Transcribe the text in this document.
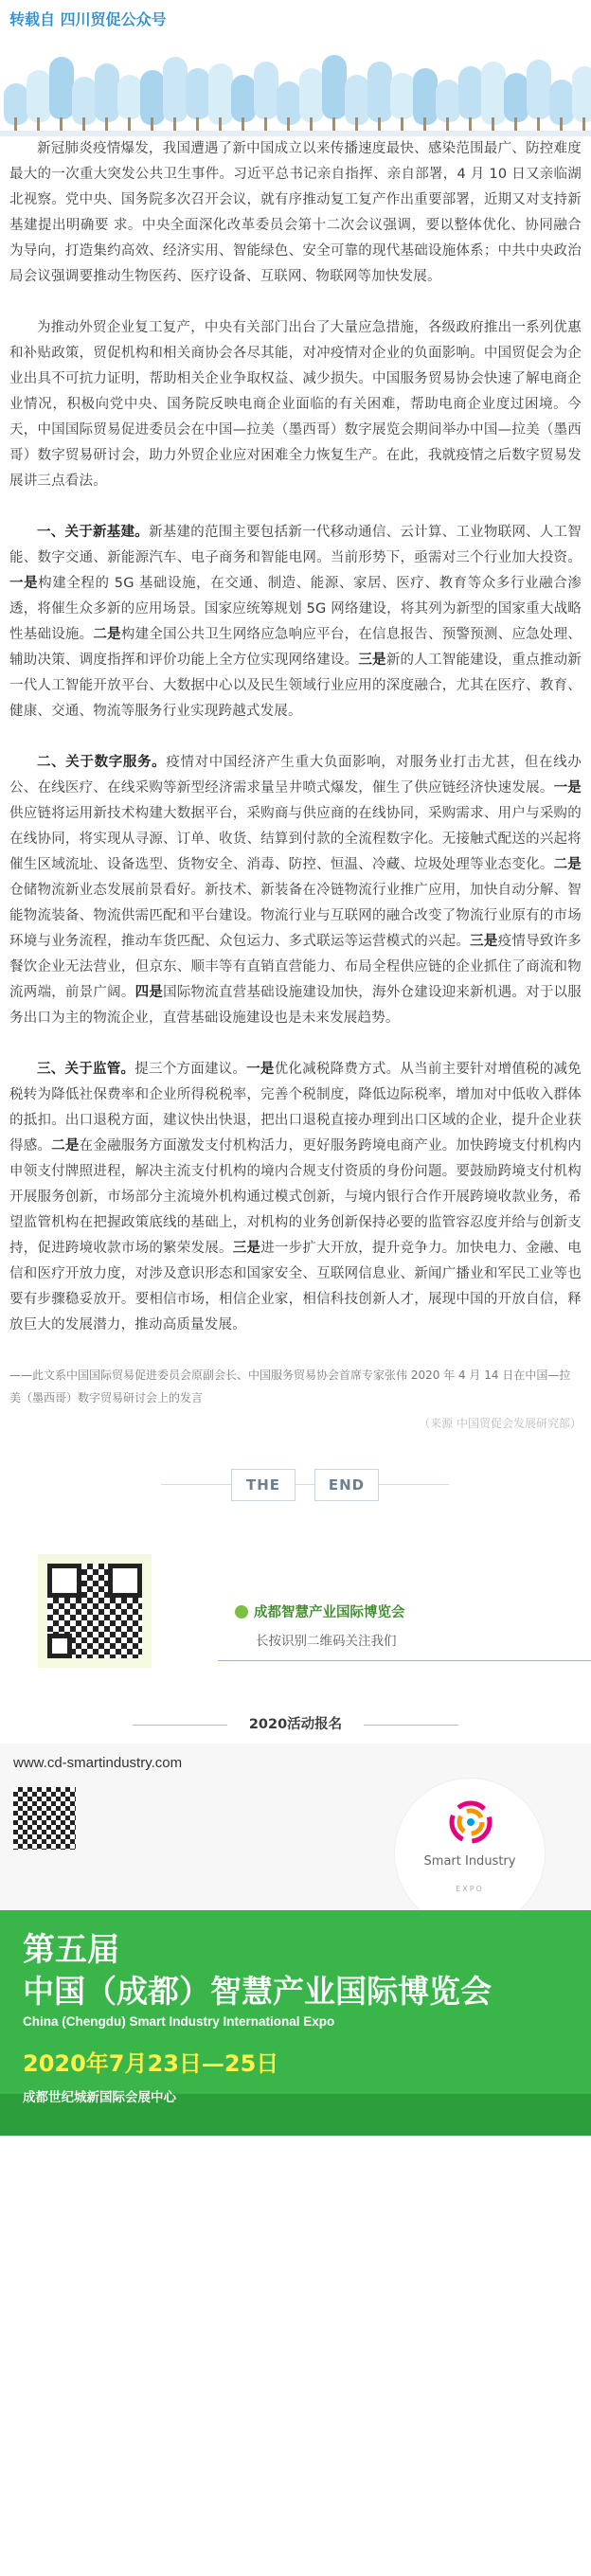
转载自 四川贸促公众号

新冠肺炎疫情爆发，我国遭遇了新中国成立以来传播速度最快、感染范围最广、防控难度最大的一次重大突发公共卫生事件。习近平总书记亲自指挥、亲自部署，4 月 10 日又亲临湖北视察。党中央、国务院多次召开会议，就有序推动复工复产作出重要部署，近期又对支持新基建提出明确要 求。中央全面深化改革委员会第十二次会议强调，要以整体优化、协同融合为导向，打造集约高效、经济实用、智能绿色、安全可靠的现代基础设施体系；中共中央政治局会议强调要推动生物医药、医疗设备、互联网、物联网等加快发展。

为推动外贸企业复工复产，中央有关部门出台了大量应急措施，各级政府推出一系列优惠和补贴政策，贸促机构和相关商协会各尽其能，对冲疫情对企业的负面影响。中国贸促会为企业出具不可抗力证明，帮助相关企业争取权益、减少损失。中国服务贸易协会快速了解电商企业情况，积极向党中央、国务院反映电商企业面临的有关困难，帮助电商企业度过困境。今天，中国国际贸易促进委员会在中国—拉美（墨西哥）数字展览会期间举办中国—拉美（墨西哥）数字贸易研讨会，助力外贸企业应对困难全力恢复生产。在此，我就疫情之后数字贸易发展讲三点看法。

一、关于新基建。新基建的范围主要包括新一代移动通信、云计算、工业物联网、人工智能、数字交通、新能源汽车、电子商务和智能电网。当前形势下，亟需对三个行业加大投资。一是构建全程的 5G 基础设施，在交通、制造、能源、家居、医疗、教育等众多行业融合渗透，将催生众多新的应用场景。国家应统筹规划 5G 网络建设，将其列为新型的国家重大战略性基础设施。二是构建全国公共卫生网络应急响应平台，在信息报告、预警预测、应急处理、辅助决策、调度指挥和评价功能上全方位实现网络建设。三是新的人工智能建设，重点推动新一代人工智能开放平台、大数据中心以及民生领域行业应用的深度融合，尤其在医疗、教育、健康、交通、物流等服务行业实现跨越式发展。

二、关于数字服务。疫情对中国经济产生重大负面影响，对服务业打击尤甚，但在线办公、在线医疗、在线采购等新型经济需求量呈井喷式爆发，催生了供应链经济快速发展。一是供应链将运用新技术构建大数据平台，采购商与供应商的在线协同，采购需求、用户与采购的在线协同，将实现从寻源、订单、收货、结算到付款的全流程数字化。无接触式配送的兴起将催生区域流址、设备选型、货物安全、消毒、防控、恒温、冷藏、垃圾处理等业态变化。二是仓储物流新业态发展前景看好。新技术、新装备在冷链物流行业推广应用，加快自动分解、智能物流装备、物流供需匹配和平台建设。物流行业与互联网的融合改变了物流行业原有的市场环境与业务流程，推动车货匹配、众包运力、多式联运等运营模式的兴起。三是疫情导致许多餐饮企业无法营业，但京东、顺丰等有直销直营能力、布局全程供应链的企业抓住了商流和物流两端，前景广阔。四是国际物流直营基础设施建设加快，海外仓建设迎来新机遇。对于以服务出口为主的物流企业，直营基础设施建设也是未来发展趋势。

三、关于监管。提三个方面建议。一是优化减税降费方式。从当前主要针对增值税的减免税转为降低社保费率和企业所得税税率，完善个税制度，降低边际税率，增加对中低收入群体的抵扣。出口退税方面，建议快出快退，把出口退税直接办理到出口区域的企业，提升企业获得感。二是在金融服务方面激发支付机构活力，更好服务跨境电商产业。加快跨境支付机构内申领支付牌照进程，解决主流支付机构的境内合规支付资质的身份问题。要鼓励跨境支付机构开展服务创新，市场部分主流境外机构通过模式创新，与境内银行合作开展跨境收款业务，希望监管机构在把握政策底线的基础上，对机构的业务创新保持必要的监管容忍度并给与创新支持，促进跨境收款市场的繁荣发展。三是进一步扩大开放，提升竞争力。加快电力、金融、电信和医疗开放力度，对涉及意识形态和国家安全、互联网信息业、新闻广播业和军民工业等也要有步骤稳妥放开。要相信市场，相信企业家，相信科技创新人才，展现中国的开放自信，释放巨大的发展潜力，推动高质量发展。

——此文系中国国际贸易促进委员会原副会长、中国服务贸易协会首席专家张伟 2020 年 4 月 14 日在中国—拉美（墨西哥）数字贸易研讨会上的发言
（来源 中国贸促会发展研究部）
THE	END
成都智慧产业国际博览会
长按识别二维码关注我们
2020活动报名
www.cd-smartindustry.com
Smart Industry
EXPO
第五届
中国（成都）智慧产业国际博览会
China (Chengdu) Smart Industry International Expo
2020年7月23日—25日
成都世纪城新国际会展中心
